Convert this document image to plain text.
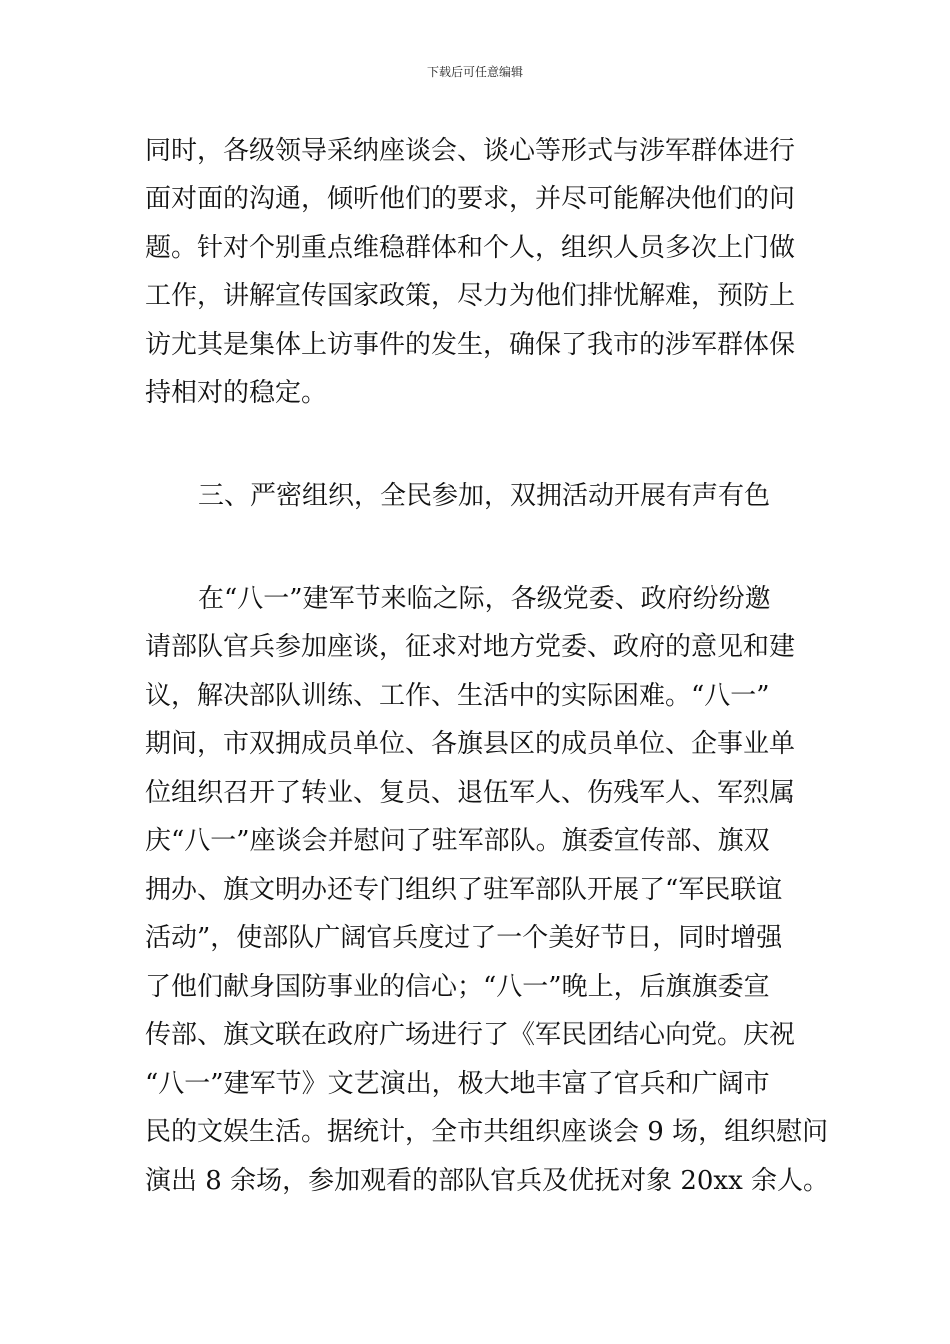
下载后可任意编辑
同时，各级领导采纳座谈会、谈心等形式与涉军群体进行
面对面的沟通，倾听他们的要求，并尽可能解决他们的问
题。针对个别重点维稳群体和个人，组织人员多次上门做
工作，讲解宣传国家政策，尽力为他们排忧解难，预防上
访尤其是集体上访事件的发生，确保了我市的涉军群体保
持相对的稳定。
三、严密组织，全民参加，双拥活动开展有声有色
在“八一”建军节来临之际，各级党委、政府纷纷邀
请部队官兵参加座谈，征求对地方党委、政府的意见和建
议，解决部队训练、工作、生活中的实际困难。“八一”
期间，市双拥成员单位、各旗县区的成员单位、企事业单
位组织召开了转业、复员、退伍军人、伤残军人、军烈属
庆“八一”座谈会并慰问了驻军部队。旗委宣传部、旗双
拥办、旗文明办还专门组织了驻军部队开展了“军民联谊
活动”，使部队广阔官兵度过了一个美好节日，同时增强
了他们献身国防事业的信心；“八一”晚上，后旗旗委宣
传部、旗文联在政府广场进行了《军民团结心向党。庆祝
“八一”建军节》文艺演出，极大地丰富了官兵和广阔市
民的文娱生活。据统计，全市共组织座谈会 9 场，组织慰问
演出 8 余场，参加观看的部队官兵及优抚对象 20xx 余人。
